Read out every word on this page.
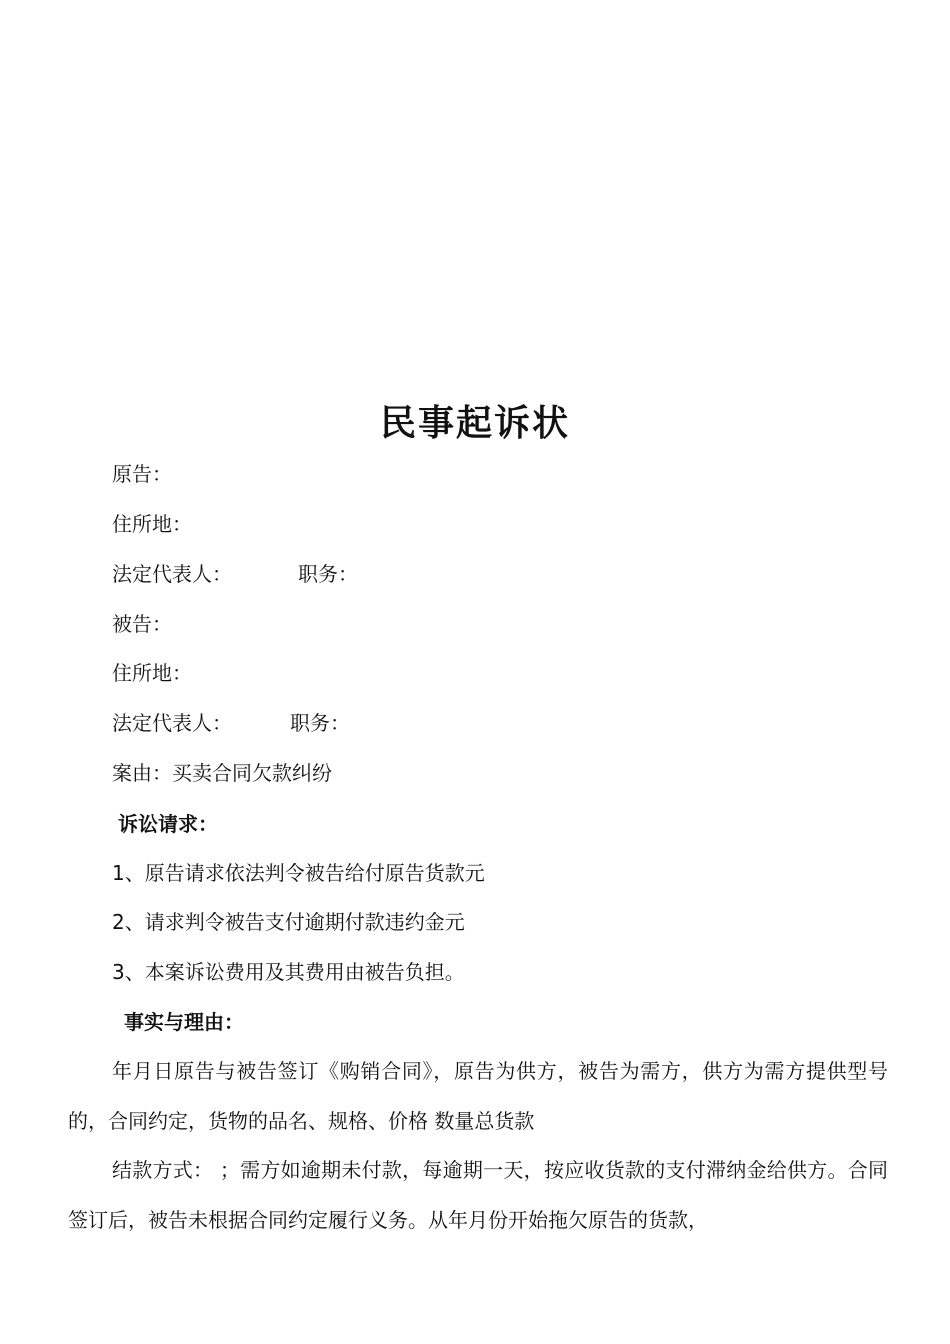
民事起诉状
原告：
住所地：
法定代表人：	职务：
被告：
住所地：
法定代表人：	职务：
案由：买卖合同欠款纠纷
诉讼请求：
1、原告请求依法判令被告给付原告货款元
2、请求判令被告支付逾期付款违约金元
3、本案诉讼费用及其费用由被告负担。
事实与理由：
年月日原告与被告签订《购销合同》，原告为供方，被告为需方，供方为需方提供型号的，合同约定，货物的品名、规格、价格 数量总货款
结款方式： ；需方如逾期未付款，每逾期一天，按应收货款的支付滞纳金给供方。合同签订后，被告未根据合同约定履行义务。从年月份开始拖欠原告的货款，
